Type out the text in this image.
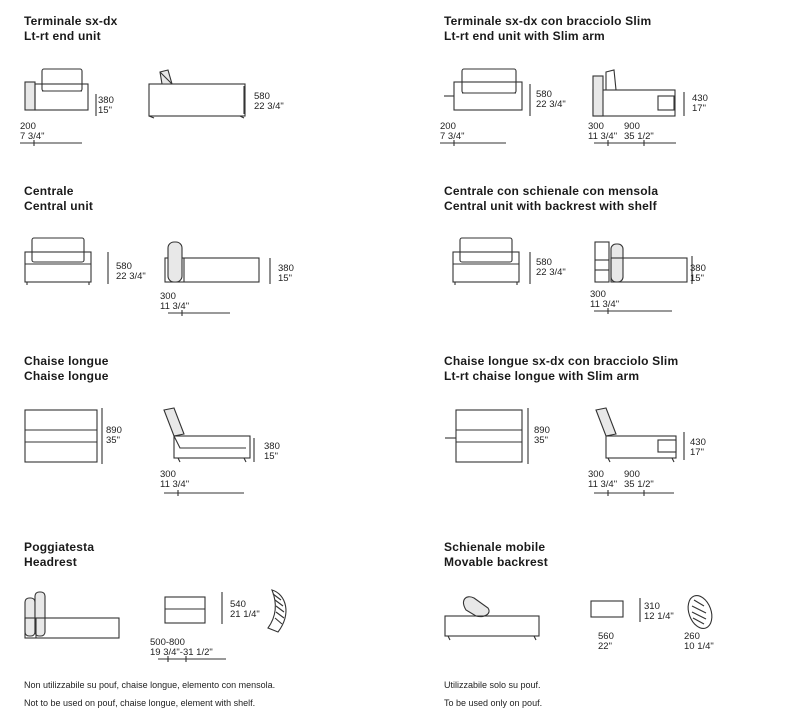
Terminale sx-dx
Lt-rt end unit
380
15"
200
7 3/4"
580
22 3/4"
Terminale sx-dx con bracciolo Slim
Lt-rt end unit with Slim arm
580
22 3/4"
200
7 3/4"
430
17"
300
11 3/4"
900
35 1/2"
Centrale
Central unit
580
22 3/4"
380
15"
300
11 3/4"
Centrale con schienale con mensola
Central unit with backrest with shelf
580
22 3/4"	380
15"
300
11 3/4"
Chaise longue
Chaise longue
890
35"
380
15"
300
11 3/4"
Chaise longue sx-dx con bracciolo Slim
Lt-rt chaise longue with Slim arm
890
35"	430
17"
300
11 3/4"
900
35 1/2"
Poggiatesta
Headrest
540
21 1/4"
500-800
19 3/4"-31 1/2"
Non utilizzabile su pouf, chaise longue, elemento con mensola.
Not to be used on pouf, chaise longue, element with shelf.
Schienale mobile
Movable backrest
310
12 1/4"
560
22"
260
10 1/4"
Utilizzabile solo su pouf.
To be used only on pouf.
